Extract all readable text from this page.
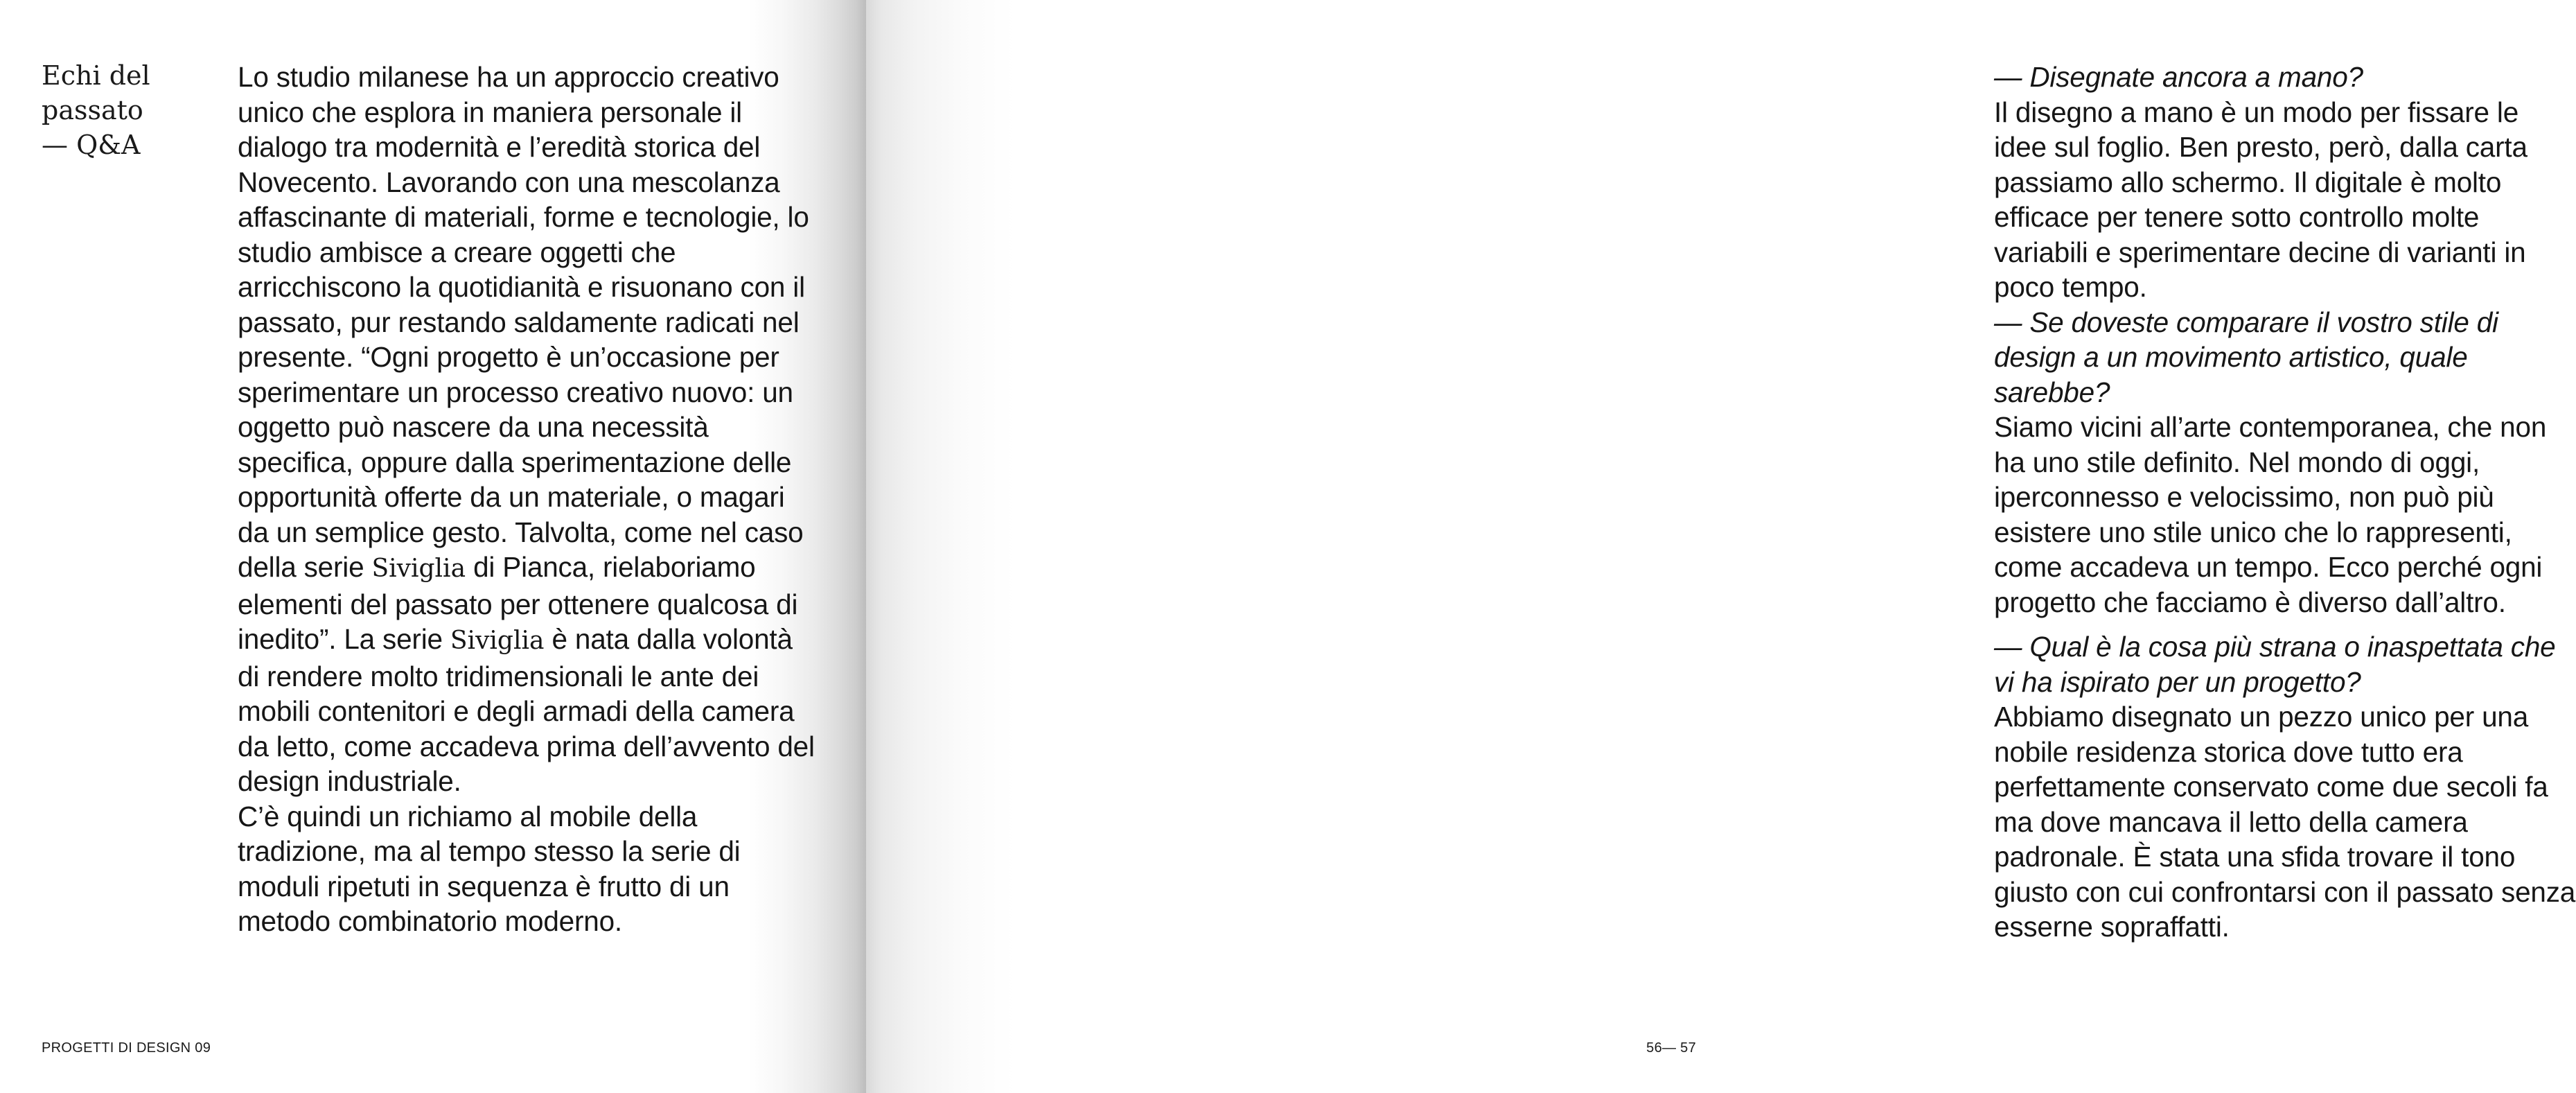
Echi del
passato
— Q&A

Lo studio milanese ha un approccio creativo unico che esplora in maniera personale il dialogo tra modernità e l’eredità storica del Novecento. Lavorando con una mescolanza affascinante di materiali, forme e tecnologie, lo studio ambisce a creare oggetti che arricchiscono la quotidianità e risuonano con il passato, pur restando saldamente radicati nel presente. “Ogni progetto è un’occasione per sperimentare un processo creativo nuovo: un oggetto può nascere da una necessità specifica, oppure dalla sperimentazione delle opportunità offerte da un materiale, o magari da un semplice gesto. Talvolta, come nel caso della serie Siviglia di Pianca, rielaboriamo elementi del passato per ottenere qualcosa di inedito”. La serie Siviglia è nata dalla volontà di rendere molto tridimensionali le ante dei mobili contenitori e degli armadi della camera da letto, come accadeva prima dell’avvento del design industriale.

C’è quindi un richiamo al mobile della tradizione, ma al tempo stesso la serie di moduli ripetuti in sequenza è frutto di un metodo combinatorio moderno.

PROGETTI DI DESIGN 09

— Disegnate ancora a mano?

Il disegno a mano è un modo per fissare le idee sul foglio. Ben presto, però, dalla carta passiamo allo schermo. Il digitale è molto efficace per tenere sotto controllo molte variabili e sperimentare decine di varianti in poco tempo.

— Se doveste comparare il vostro stile di design a un movimento artistico, quale sarebbe?

Siamo vicini all’arte contemporanea, che non ha uno stile definito. Nel mondo di oggi, iperconnesso e velocissimo, non può più esistere uno stile unico che lo rappresenti, come accadeva un tempo. Ecco perché ogni progetto che facciamo è diverso dall’altro.

— Qual è la cosa più strana o inaspettata che vi ha ispirato per un progetto?

Abbiamo disegnato un pezzo unico per una nobile residenza storica dove tutto era perfettamente conservato come due secoli fa ma dove mancava il letto della camera padronale. È stata una sfida trovare il tono giusto con cui confrontarsi con il passato senza esserne sopraffatti.

56— 57
